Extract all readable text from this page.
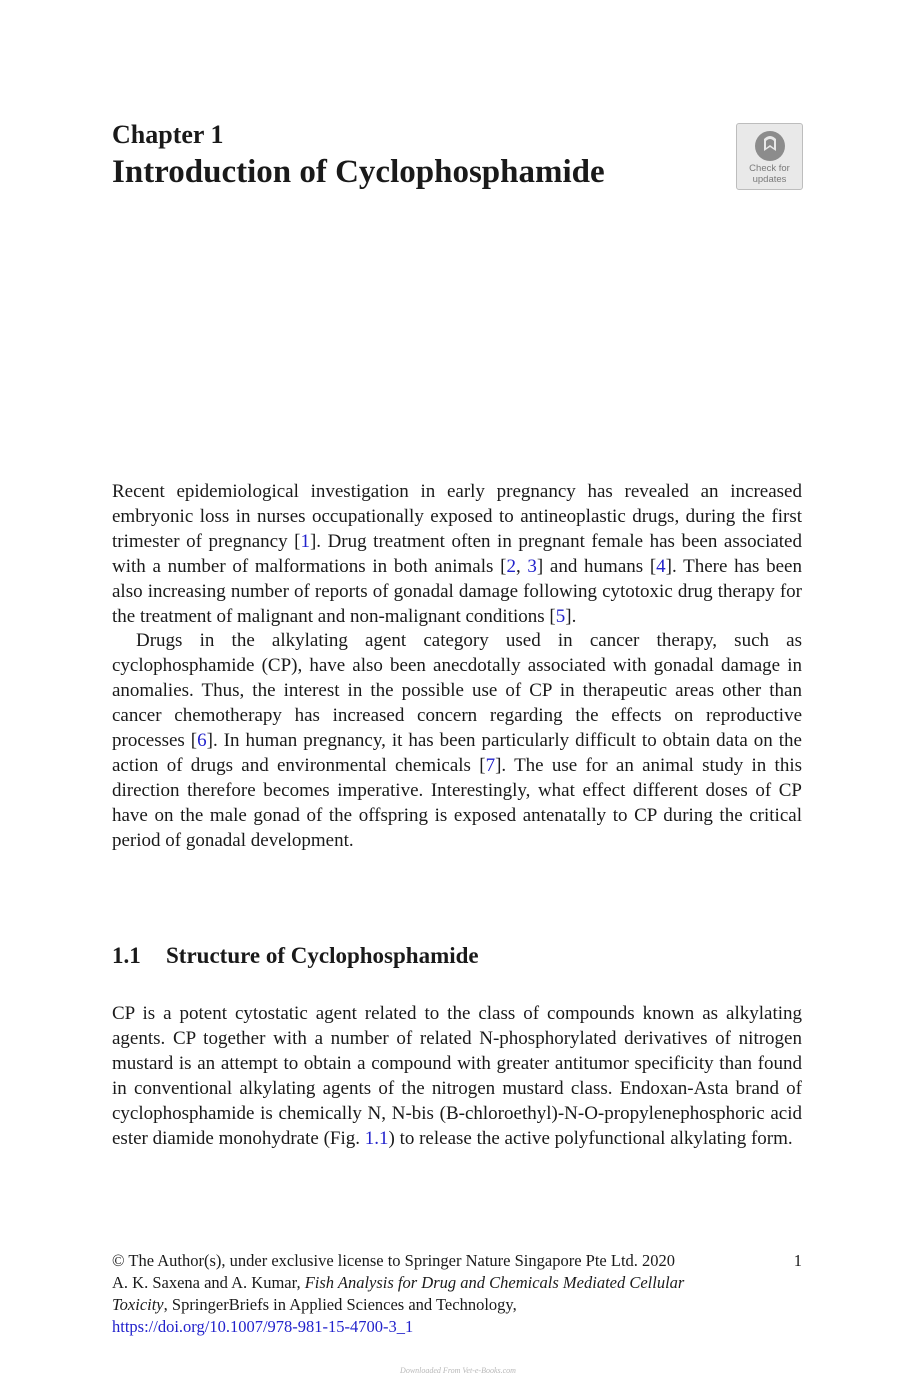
Chapter 1
Introduction of Cyclophosphamide	Check for
updates

Recent epidemiological investigation in early pregnancy has revealed an increased embryonic loss in nurses occupationally exposed to antineoplastic drugs, during the first trimester of pregnancy [1]. Drug treatment often in pregnant female has been associated with a number of malformations in both animals [2, 3] and humans [4]. There has been also increasing number of reports of gonadal damage following cytotoxic drug therapy for the treatment of malignant and non-malignant conditions [5].

Drugs in the alkylating agent category used in cancer therapy, such as cyclophosphamide (CP), have also been anecdotally associated with gonadal damage in anomalies. Thus, the interest in the possible use of CP in therapeutic areas other than cancer chemotherapy has increased concern regarding the effects on reproductive processes [6]. In human pregnancy, it has been particularly difficult to obtain data on the action of drugs and environmental chemicals [7]. The use for an animal study in this direction therefore becomes imperative. Interestingly, what effect different doses of CP have on the male gonad of the offspring is exposed antenatally to CP during the critical period of gonadal development.

1.1 Structure of Cyclophosphamide

CP is a potent cytostatic agent related to the class of compounds known as alkylating agents. CP together with a number of related N-phosphorylated derivatives of nitrogen mustard is an attempt to obtain a compound with greater antitumor specificity than found in conventional alkylating agents of the nitrogen mustard class. Endoxan-Asta brand of cyclophosphamide is chemically N, N-bis (B-chloroethyl)-N-O-propylenephosphoric acid ester diamide monohydrate (Fig. 1.1) to release the active polyfunctional alkylating form.

1
© The Author(s), under exclusive license to Springer Nature Singapore Pte Ltd. 2020
A. K. Saxena and A. Kumar, Fish Analysis for Drug and Chemicals Mediated Cellular
Toxicity, SpringerBriefs in Applied Sciences and Technology,
https://doi.org/10.1007/978-981-15-4700-3_1
Downloaded From Vet-e-Books.com
